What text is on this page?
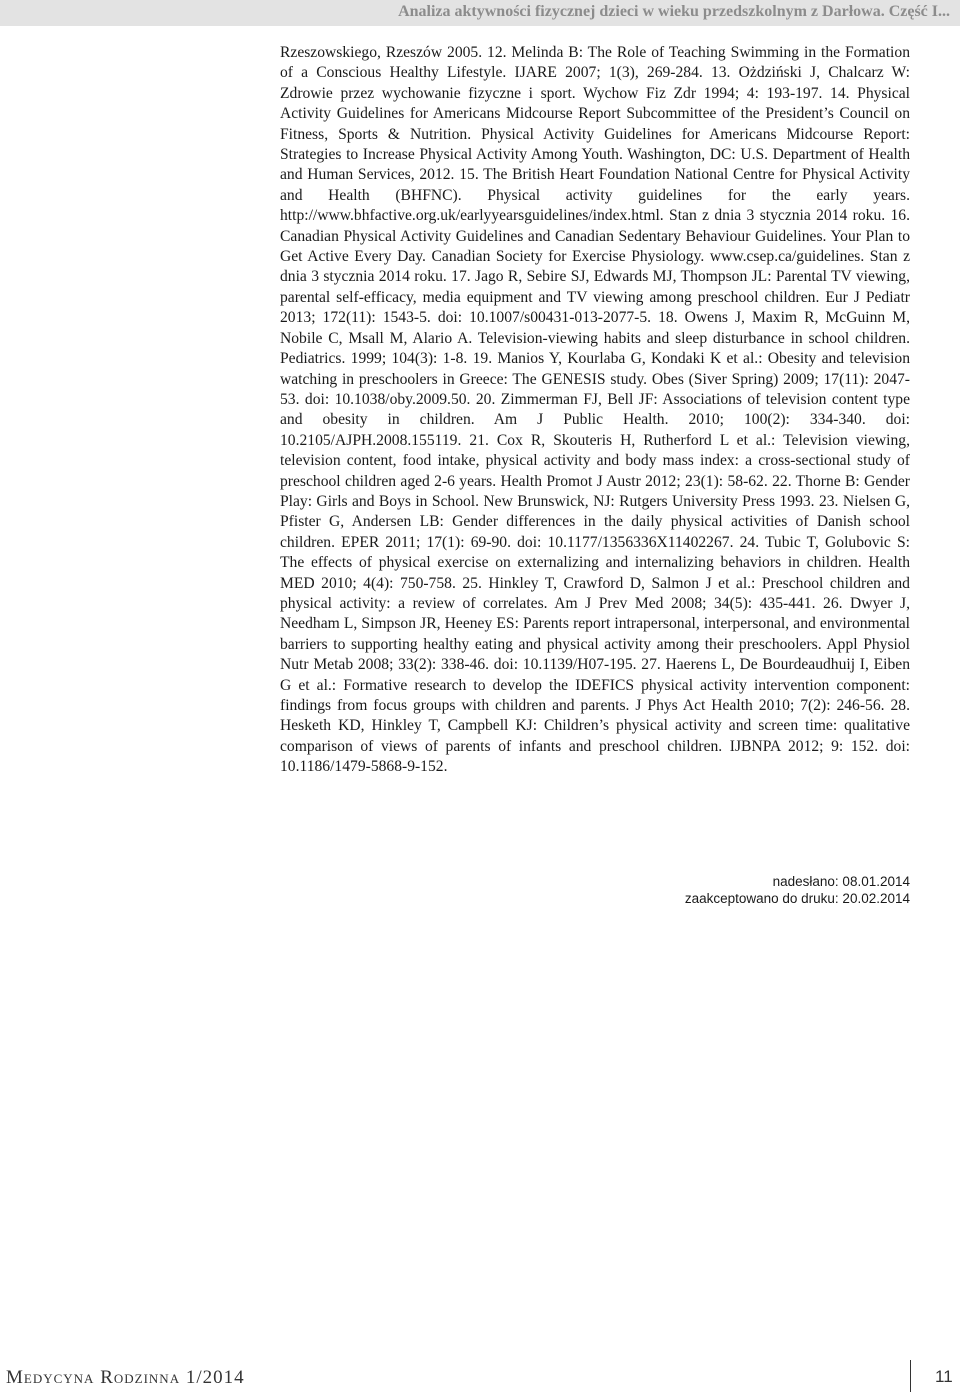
Analiza aktywności fizycznej dzieci w wieku przedszkolnym z Darłowa. Część I...

Rzeszowskiego, Rzeszów 2005. 12. Melinda B: The Role of Teaching Swimming in the Formation of a Conscious Healthy Lifestyle. IJARE 2007; 1(3), 269-284. 13. Ożdziński J, Chalcarz W: Zdrowie przez wychowanie fizyczne i sport. Wychow Fiz Zdr 1994; 4: 193-197. 14. Physical Activity Guidelines for Americans Midcourse Report Subcommittee of the President’s Council on Fitness, Sports & Nutrition. Physical Activity Guidelines for Americans Midcourse Report: Strategies to Increase Physical Activity Among Youth. Washington, DC: U.S. Department of Health and Human Services, 2012. 15. The British Heart Foundation National Centre for Physical Activity and Health (BHFNC). Physical activity guidelines for the early years. http://www.bhfactive.org.uk/earlyyearsguidelines/index.html. Stan z dnia 3 stycznia 2014 roku. 16. Canadian Physical Activity Guidelines and Canadian Sedentary Behaviour Guidelines. Your Plan to Get Active Every Day. Canadian Society for Exercise Physiology. www.csep.ca/guidelines. Stan z dnia 3 stycznia 2014 roku. 17. Jago R, Sebire SJ, Edwards MJ, Thompson JL: Parental TV viewing, parental self-efficacy, media equipment and TV viewing among preschool children. Eur J Pediatr 2013; 172(11): 1543-5. doi: 10.1007/s00431-013-2077-5. 18. Owens J, Maxim R, McGuinn M, Nobile C, Msall M, Alario A. Television-viewing habits and sleep disturbance in school children. Pediatrics. 1999; 104(3): 1-8. 19. Manios Y, Kourlaba G, Kondaki K et al.: Obesity and television watching in preschoolers in Greece: The GENESIS study. Obes (Siver Spring) 2009; 17(11): 2047-53. doi: 10.1038/oby.2009.50. 20. Zimmerman FJ, Bell JF: Associations of television content type and obesity in children. Am J Public Health. 2010; 100(2): 334-340. doi: 10.2105/AJPH.2008.155119. 21. Cox R, Skouteris H, Rutherford L et al.: Television viewing, television content, food intake, physical activity and body mass index: a cross-sectional study of preschool children aged 2-6 years. Health Promot J Austr 2012; 23(1): 58-62. 22. Thorne B: Gender Play: Girls and Boys in School. New Brunswick, NJ: Rutgers University Press 1993. 23. Nielsen G, Pfister G, Andersen LB: Gender differences in the daily physical activities of Danish school children. EPER 2011; 17(1): 69-90. doi: 10.1177/1356336X11402267. 24. Tubic T, Golubovic S: The effects of physical exercise on externalizing and internalizing behaviors in children. Health MED 2010; 4(4): 750-758. 25. Hinkley T, Crawford D, Salmon J et al.: Preschool children and physical activity: a review of correlates. Am J Prev Med 2008; 34(5): 435-441. 26. Dwyer J, Needham L, Simpson JR, Heeney ES: Parents report intrapersonal, interpersonal, and environmental barriers to supporting healthy eating and physical activity among their preschoolers. Appl Physiol Nutr Metab 2008; 33(2): 338-46. doi: 10.1139/H07-195. 27. Haerens L, De Bourdeaudhuij I, Eiben G et al.: Formative research to develop the IDEFICS physical activity intervention component: findings from focus groups with children and parents. J Phys Act Health 2010; 7(2): 246-56. 28. Hesketh KD, Hinkley T, Campbell KJ: Children’s physical activity and screen time: qualitative comparison of views of parents of infants and preschool children. IJBNPA 2012; 9: 152. doi: 10.1186/1479-5868-9-152.

nadesłano: 08.01.2014
zaakceptowano do druku: 20.02.2014
Medycyna Rodzinna 1/2014	11
